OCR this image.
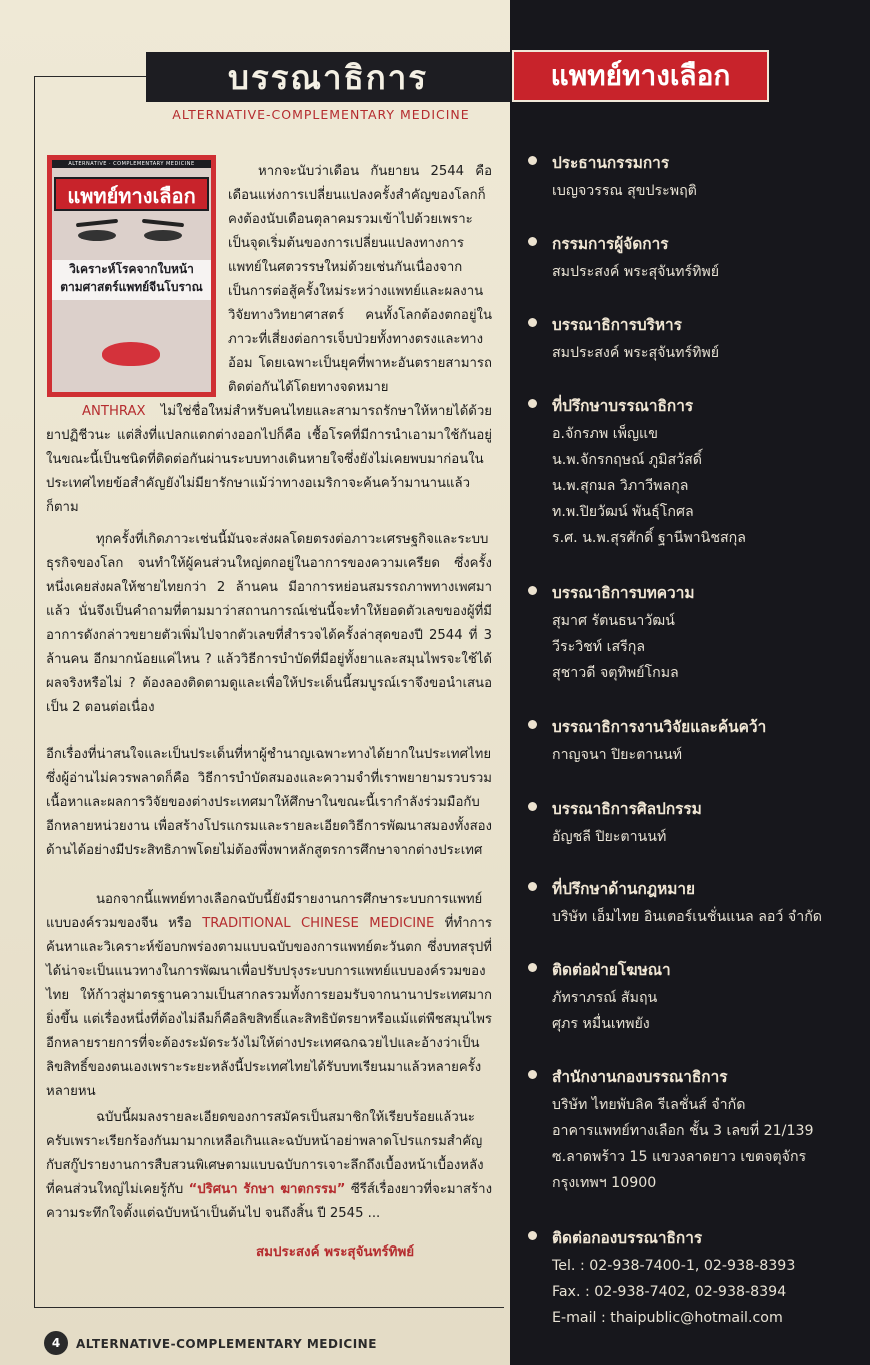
บรรณาธิการ
ALTERNATIVE-COMPLEMENTARY MEDICINE
ALTERNATIVE · COMPLEMENTARY MEDICINE
แพทย์ทางเลือก
วิเคราะห์โรคจากใบหน้า
ตามศาสตร์แพทย์จีนโบราณ

หากจะนับว่าเดือน กันยายน 2544 คือเดือนแห่งการเปลี่ยนแปลงครั้งสำคัญของโลกก็คงต้องนับเดือนตุลาคมรวมเข้าไปด้วยเพราะเป็นจุดเริ่มต้นของการเปลี่ยนแปลงทางการแพทย์ในศตวรรษใหม่ด้วยเช่นกันเนื่องจากเป็นการต่อสู้ครั้งใหม่ระหว่างแพทย์และผลงานวิจัยทางวิทยาศาสตร์ คนทั้งโลกต้องตกอยู่ในภาวะที่เสี่ยงต่อการเจ็บป่วยทั้งทางตรงและทางอ้อม โดยเฉพาะเป็นยุคที่พาหะอันตรายสามารถติดต่อกันได้โดยทางจดหมาย

ANTHRAX ไม่ใช่ชื่อใหม่สำหรับคนไทยและสามารถรักษาให้หายได้ด้วยยาปฏิชีวนะ แต่สิ่งที่แปลกแตกต่างออกไปก็คือ เชื้อโรคที่มีการนำเอามาใช้กันอยู่ในขณะนี้เป็นชนิดที่ติดต่อกันผ่านระบบทางเดินหายใจซึ่งยังไม่เคยพบมาก่อนในประเทศไทยข้อสำคัญยังไม่มียารักษาแม้ว่าทางอเมริกาจะค้นคว้ามานานแล้วก็ตาม

ทุกครั้งที่เกิดภาวะเช่นนี้มันจะส่งผลโดยตรงต่อภาวะเศรษฐกิจและระบบธุรกิจของโลก จนทำให้ผู้คนส่วนใหญ่ตกอยู่ในอาการของความเครียด ซึ่งครั้งหนึ่งเคยส่งผลให้ชายไทยกว่า 2 ล้านคน มีอาการหย่อนสมรรถภาพทางเพศมาแล้ว นั่นจึงเป็นคำถามที่ตามมาว่าสถานการณ์เช่นนี้จะทำให้ยอดตัวเลขของผู้ที่มีอาการดังกล่าวขยายตัวเพิ่มไปจากตัวเลขที่สำรวจได้ครั้งล่าสุดของปี 2544 ที่ 3 ล้านคน อีกมากน้อยแค่ไหน ? แล้ววิธีการบำบัดที่มีอยู่ทั้งยาและสมุนไพรจะใช้ได้ผลจริงหรือไม่ ? ต้องลองติดตามดูและเพื่อให้ประเด็นนี้สมบูรณ์เราจึงขอนำเสนอเป็น 2 ตอนต่อเนื่อง

อีกเรื่องที่น่าสนใจและเป็นประเด็นที่หาผู้ชำนาญเฉพาะทางได้ยากในประเทศไทยซึ่งผู้อ่านไม่ควรพลาดก็คือ วิธีการบำบัดสมองและความจำที่เราพยายามรวบรวมเนื้อหาและผลการวิจัยของต่างประเทศมาให้ศึกษาในขณะนี้เรากำลังร่วมมือกับอีกหลายหน่วยงาน เพื่อสร้างโปรแกรมและรายละเอียดวิธีการพัฒนาสมองทั้งสองด้านได้อย่างมีประสิทธิภาพโดยไม่ต้องพึ่งพาหลักสูตรการศึกษาจากต่างประเทศ

นอกจากนี้แพทย์ทางเลือกฉบับนี้ยังมีรายงานการศึกษาระบบการแพทย์แบบองค์รวมของจีน หรือ TRADITIONAL CHINESE MEDICINE ที่ทำการค้นหาและวิเคราะห์ข้อบกพร่องตามแบบฉบับของการแพทย์ตะวันตก ซึ่งบทสรุปที่ได้น่าจะเป็นแนวทางในการพัฒนาเพื่อปรับปรุงระบบการแพทย์แบบองค์รวมของไทย ให้ก้าวสู่มาตรฐานความเป็นสากลรวมทั้งการยอมรับจากนานาประเทศมากยิ่งขึ้น แต่เรื่องหนึ่งที่ต้องไม่ลืมก็คือลิขสิทธิ์และสิทธิบัตรยาหรือแม้แต่พืชสมุนไพรอีกหลายรายการที่จะต้องระมัดระวังไม่ให้ต่างประเทศฉกฉวยไปและอ้างว่าเป็นลิขสิทธิ์ของตนเองเพราะระยะหลังนี้ประเทศไทยได้รับบทเรียนมาแล้วหลายครั้งหลายหน

ฉบับนี้ผมลงรายละเอียดของการสมัครเป็นสมาชิกให้เรียบร้อยแล้วนะครับเพราะเรียกร้องกันมามากเหลือเกินและฉบับหน้าอย่าพลาดโปรแกรมสำคัญกับสกู๊ปรายงานการสืบสวนพิเศษตามแบบฉบับการเจาะลึกถึงเบื้องหน้าเบื้องหลังที่คนส่วนใหญ่ไม่เคยรู้กับ “ปริศนา รักษา ฆาตกรรม” ซีรีส์เรื่องยาวที่จะมาสร้างความระทึกใจตั้งแต่ฉบับหน้าเป็นต้นไป จนถึงสิ้น ปี 2545 ...

สมประสงค์ พระสุจันทร์ทิพย์
4	ALTERNATIVE-COMPLEMENTARY MEDICINE
แพทย์ทางเลือก
ประธานกรรมการ
เบญจวรรณ สุขประพฤติ
กรรมการผู้จัดการ
สมประสงค์ พระสุจันทร์ทิพย์
บรรณาธิการบริหาร
สมประสงค์ พระสุจันทร์ทิพย์
ที่ปรึกษาบรรณาธิการ
อ.จักรภพ เพ็ญแข
น.พ.จักรกฤษณ์ ภูมิสวัสดิ์
น.พ.สุกมล วิภาวีพลกุล
ท.พ.ปิยวัฒน์ พันธุ์โกศล
ร.ศ. น.พ.สุรศักดิ์ ฐานีพานิชสกุล
บรรณาธิการบทความ
สุมาศ รัตนธนาวัฒน์
วีระวิชท์ เสรีกุล
สุชาวดี จตุทิพย์โกมล
บรรณาธิการงานวิจัยและค้นคว้า
กาญจนา ปิยะตานนท์
บรรณาธิการศิลปกรรม
อัญชลี ปิยะตานนท์
ที่ปรึกษาด้านกฎหมาย
บริษัท เอ็มไทย อินเตอร์เนชั่นแนล ลอว์ จำกัด
ติดต่อฝ่ายโฆษณา
ภัทราภรณ์ สัมฤน
ศุภร หมื่นเทพยัง
สำนักงานกองบรรณาธิการ
บริษัท ไทยพับลิค รีเลชั่นส์ จำกัด
อาคารแพทย์ทางเลือก ชั้น 3 เลขที่ 21/139
ซ.ลาดพร้าว 15 แขวงลาดยาว เขตจตุจักร
กรุงเทพฯ 10900
ติดต่อกองบรรณาธิการ
Tel. : 02-938-7400-1, 02-938-8393
Fax. : 02-938-7402, 02-938-8394
E-mail : thaipublic@hotmail.com
